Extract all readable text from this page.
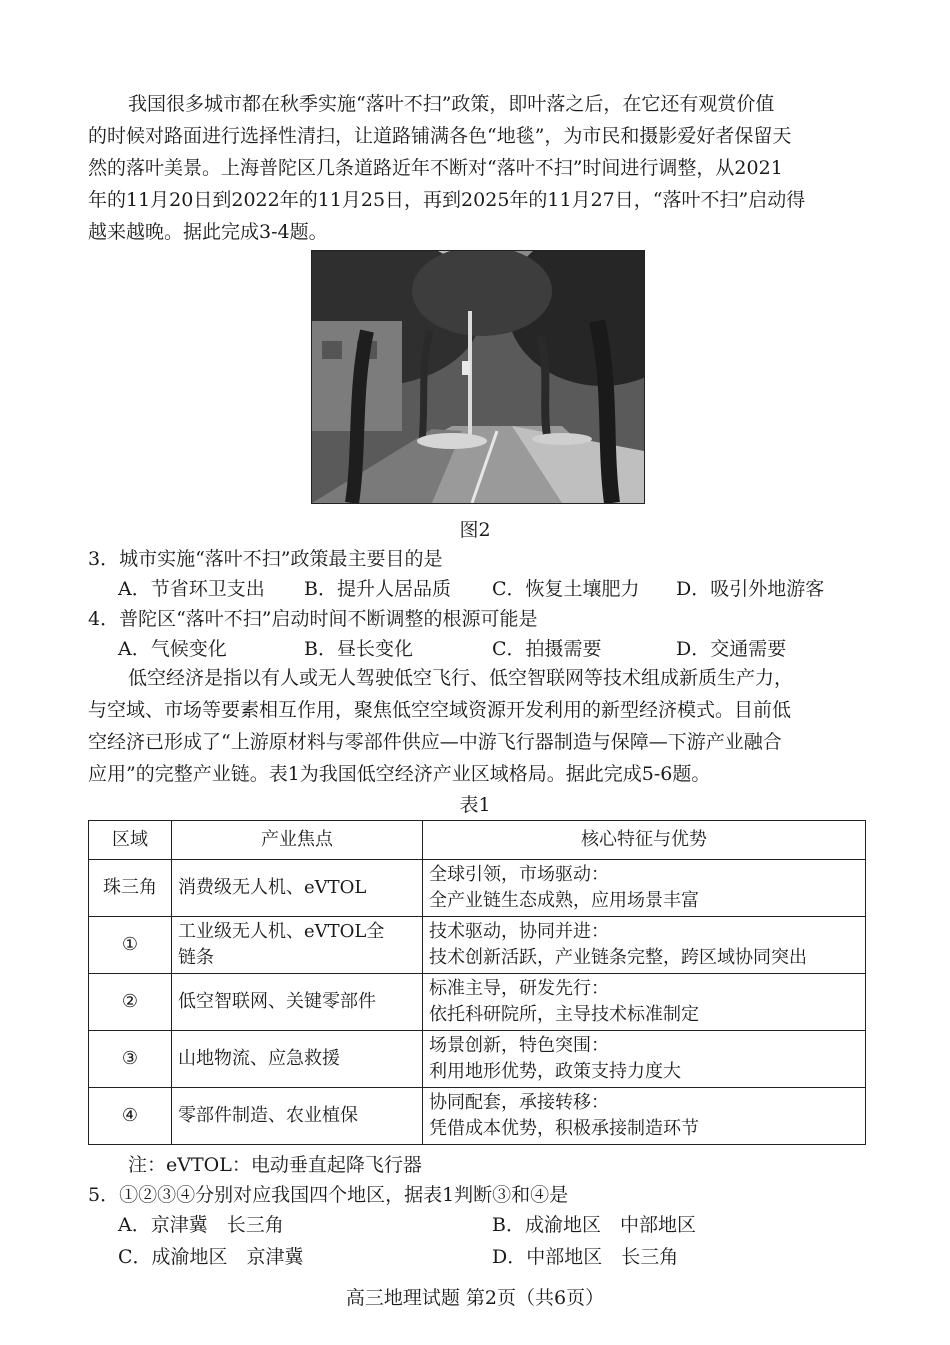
我国很多城市都在秋季实施“落叶不扫”政策，即叶落之后，在它还有观赏价值
的时候对路面进行选择性清扫，让道路铺满各色“地毯”，为市民和摄影爱好者保留天
然的落叶美景。上海普陀区几条道路近年不断对“落叶不扫”时间进行调整，从2021
年的11月20日到2022年的11月25日，再到2025年的11月27日，“落叶不扫”启动得
越来越晚。据此完成3-4题。
图2
3．城市实施“落叶不扫”政策最主要目的是
A．节省环卫支出 B．提升人居品质 C．恢复土壤肥力 D．吸引外地游客
4．普陀区“落叶不扫”启动时间不断调整的根源可能是
A．气候变化	B．昼长变化	C．拍摄需要	D．交通需要
低空经济是指以有人或无人驾驶低空飞行、低空智联网等技术组成新质生产力，
与空域、市场等要素相互作用，聚焦低空空域资源开发利用的新型经济模式。目前低
空经济已形成了“上游原材料与零部件供应—中游飞行器制造与保障—下游产业融合
应用”的完整产业链。表1为我国低空经济产业区域格局。据此完成5-6题。
表1
区域	产业焦点	核心特征与优势
珠三角	消费级无人机、eVTOL	全球引领，市场驱动：
全产业链生态成熟，应用场景丰富

①	工业级无人机、eVTOL全
链条	技术驱动，协同并进：
技术创新活跃，产业链条完整，跨区域协同突出

②	低空智联网、关键零部件	标准主导，研发先行：
依托科研院所，主导技术标准制定

③	山地物流、应急救援	场景创新，特色突围：
利用地形优势，政策支持力度大

④	零部件制造、农业植保	协同配套，承接转移：
凭借成本优势，积极承接制造环节
注：eVTOL：电动垂直起降飞行器
5．①②③④分别对应我国四个地区，据表1判断③和④是
A．京津冀　长三角	B．成渝地区　中部地区
C．成渝地区　京津冀	D．中部地区　长三角
高三地理试题 第2页（共6页）
